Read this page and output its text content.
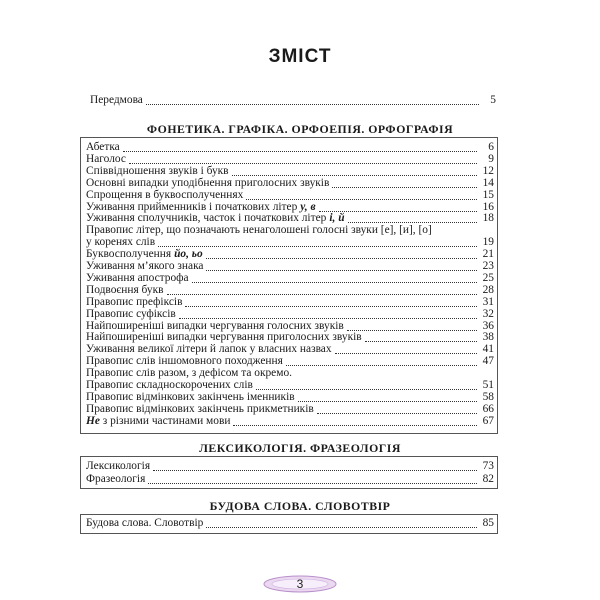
ЗМІСТ
Передмова	5
ФОНЕТИКА. ГРАФІКА. ОРФОЕПІЯ. ОРФОГРАФІЯ
Абетка	6
Наголос	9
Співвідношення звуків і букв	12
Основні випадки уподібнення приголосних звуків	14
Спрощення в буквосполученнях	15
Уживання прийменників і початкових літер у, в	16
Уживання сполучників, часток і початкових літер і, й	18
Правопис літер, що позначають ненаголошені голосні звуки [е], [и], [о]
у коренях слів	19
Буквосполучення йо, ьо	21
Уживання м’якого знака	23
Уживання апострофа	25
Подвоєння букв	28
Правопис префіксів	31
Правопис суфіксів	32
Найпоширеніші випадки чергування голосних звуків	36
Найпоширеніші випадки чергування приголосних звуків	38
Уживання великої літери й лапок у власних назвах	41
Правопис слів іншомовного походження	47
Правопис слів разом, з дефісом та окремо.
Правопис складноскорочених слів	51
Правопис відмінкових закінчень іменників	58
Правопис відмінкових закінчень прикметників	66
Не з різними частинами мови	67
ЛЕКСИКОЛОГІЯ. ФРАЗЕОЛОГІЯ
Лексикологія	73
Фразеологія	82
БУДОВА СЛОВА. СЛОВОТВІР
Будова слова. Словотвір	85
3
